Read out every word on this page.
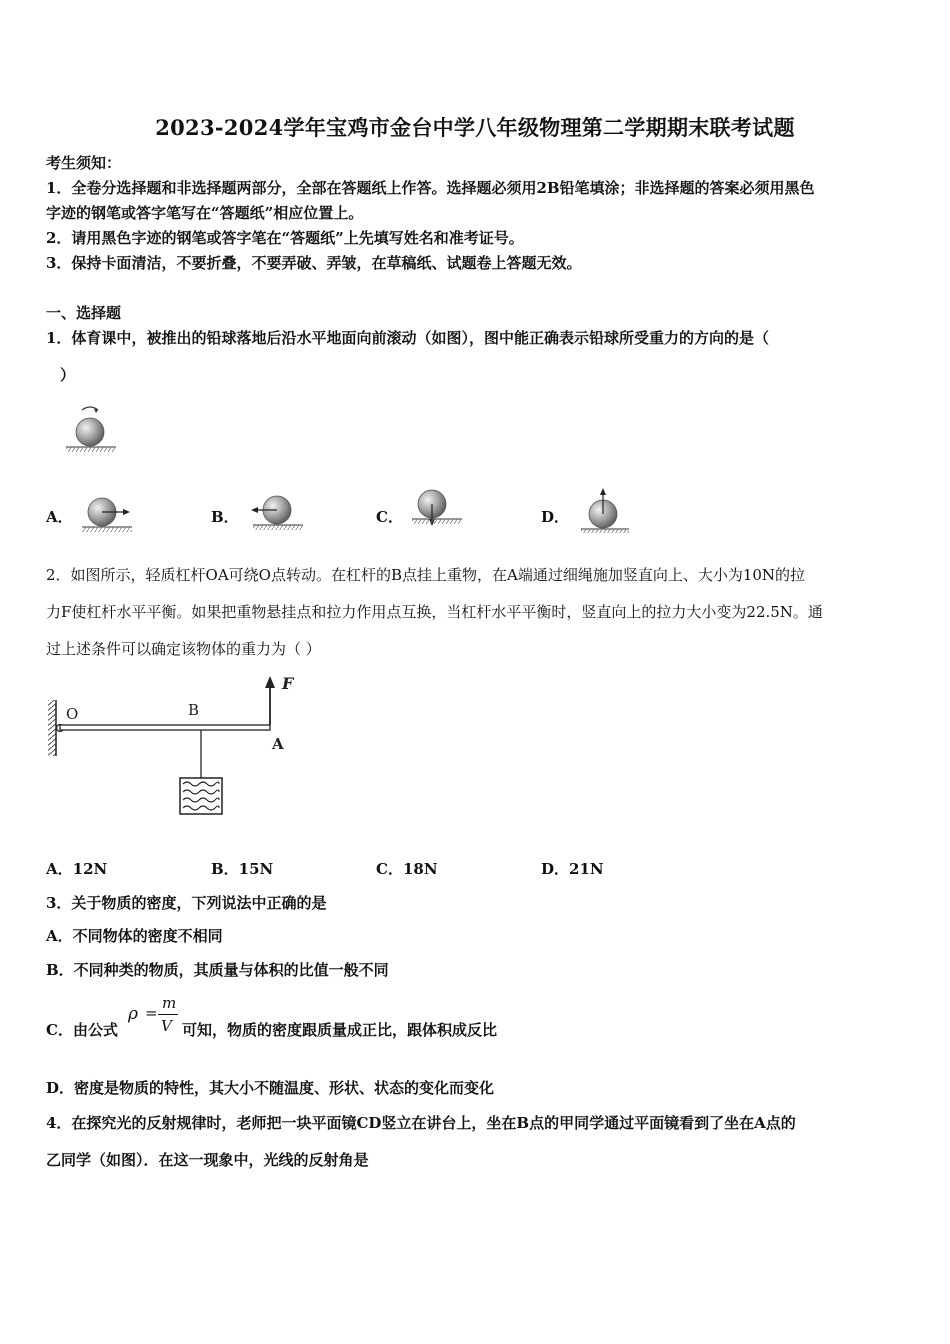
2023-2024学年宝鸡市金台中学八年级物理第二学期期末联考试题
考生须知：
1．全卷分选择题和非选择题两部分，全部在答题纸上作答。选择题必须用2B铅笔填涂；非选择题的答案必须用黑色
字迹的钢笔或答字笔写在“答题纸”相应位置上。
2．请用黑色字迹的钢笔或答字笔在“答题纸”上先填写姓名和准考证号。
3．保持卡面清洁，不要折叠，不要弄破、弄皱，在草稿纸、试题卷上答题无效。
一、选择题
1．体育课中，被推出的铅球落地后沿水平地面向前滚动（如图），图中能正确表示铅球所受重力的方向的是（
）
A．	B．	C．	D．
2．如图所示，轻质杠杆OA可绕O点转动。在杠杆的B点挂上重物，在A端通过细绳施加竖直向上、大小为10N的拉
力F使杠杆水平平衡。如果把重物悬挂点和拉力作用点互换，当杠杆水平平衡时，竖直向上的拉力大小变为22.5N。通
过上述条件可以确定该物体的重力为（ ）
O	B
A
F
A．12N	B．15N	C．18N	D．21N
3．关于物质的密度，下列说法中正确的是
A．不同物体的密度不相同
B．不同种类的物质，其质量与体积的比值一般不同
C．由公式
ρ =
m
V 可知，物质的密度跟质量成正比，跟体积成反比
D．密度是物质的特性，其大小不随温度、形状、状态的变化而变化
4．在探究光的反射规律时，老师把一块平面镜CD竖立在讲台上，坐在B点的甲同学通过平面镜看到了坐在A点的
乙同学（如图）．在这一现象中，光线的反射角是
